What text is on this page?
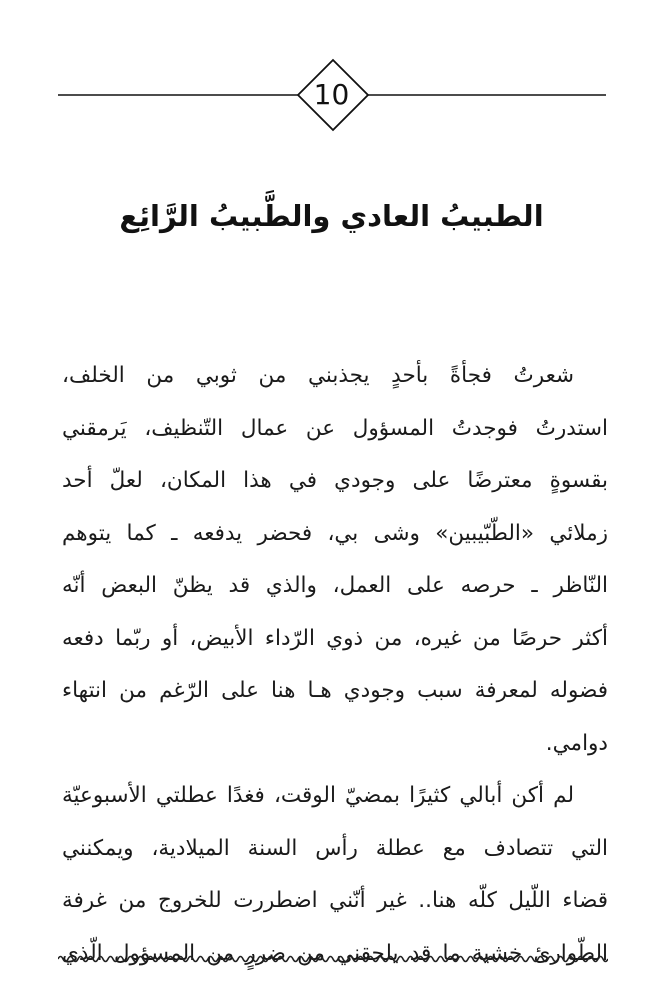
10
الطبيبُ العادي والطَّبيبُ الرَّائِع
شعرتُ فجأةً بأحدٍ يجذبني من ثوبي من الخلف،
استدرتُ فوجدتُ المسؤول عن عمال التّنظيف، يَرمقني
بقسوةٍ معترضًا على وجودي في هذا المكان، لعلّ أحد
زملائي «الطّبّيبين» وشى بي، فحضر يدفعه ـ كما يتوهم
النّاظر ـ حرصه على العمل، والذي قد يظنّ البعض أنّه
أكثر حرصًا من غيره، من ذوي الرّداء الأبيض، أو ربّما دفعه
فضوله لمعرفة سبب وجودي هـا هنا على الرّغم من انتهاء
دوامي.
لم أكن أبالي كثيرًا بمضيّ الوقت، فغدًا عطلتي الأسبوعيّة
التي تتصادف مع عطلة رأس السنة الميلادية، ويمكنني
قضاء اللّيل كلّه هنا.. غير أنّني اضطررت للخروج من غرفة
الطّوارئ خشية ما قد يلحقني من ضررٍ من المسؤول الّذي
